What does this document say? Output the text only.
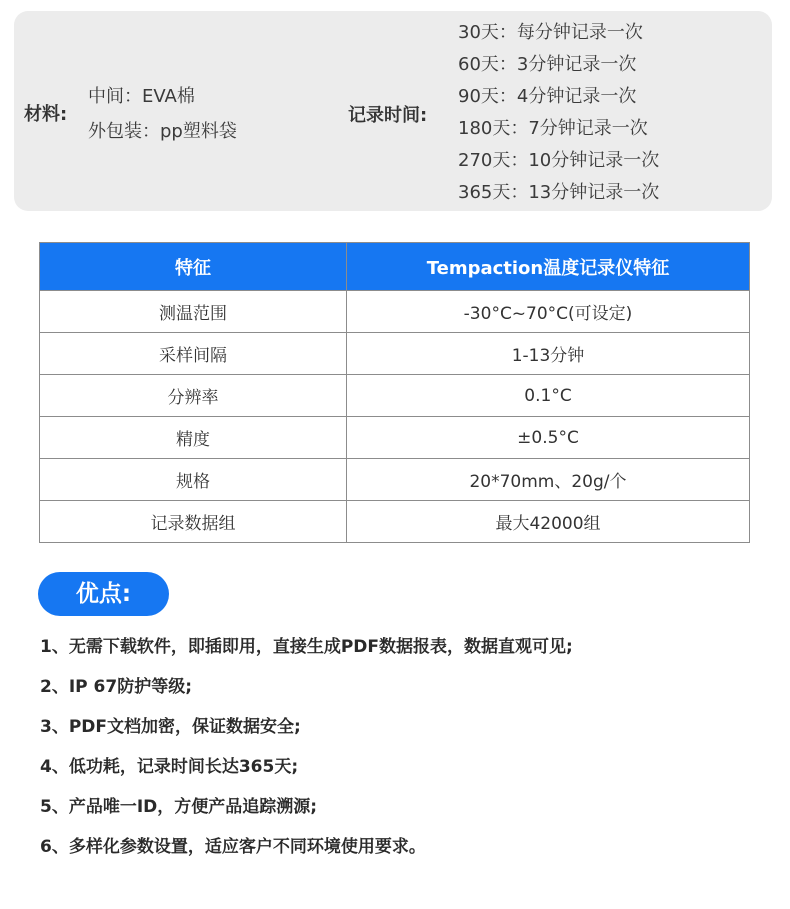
材料:
中间：EVA棉
外包装：pp塑料袋
记录时间:
30天：每分钟记录一次
60天：3分钟记录一次
90天：4分钟记录一次
180天：7分钟记录一次
270天：10分钟记录一次
365天：13分钟记录一次
特征	Tempaction温度记录仪特征
测温范围	-30°C~70°C(可设定)
采样间隔	1-13分钟
分辨率	0.1°C
精度	±0.5°C
规格	20*70mm、20g/个
记录数据组	最大42000组
优点:
1、无需下载软件，即插即用，直接生成PDF数据报表，数据直观可见;
2、IP 67防护等级;
3、PDF文档加密，保证数据安全;
4、低功耗，记录时间长达365天;
5、产品唯一ID，方便产品追踪溯源;
6、多样化参数设置，适应客户不同环境使用要求。
